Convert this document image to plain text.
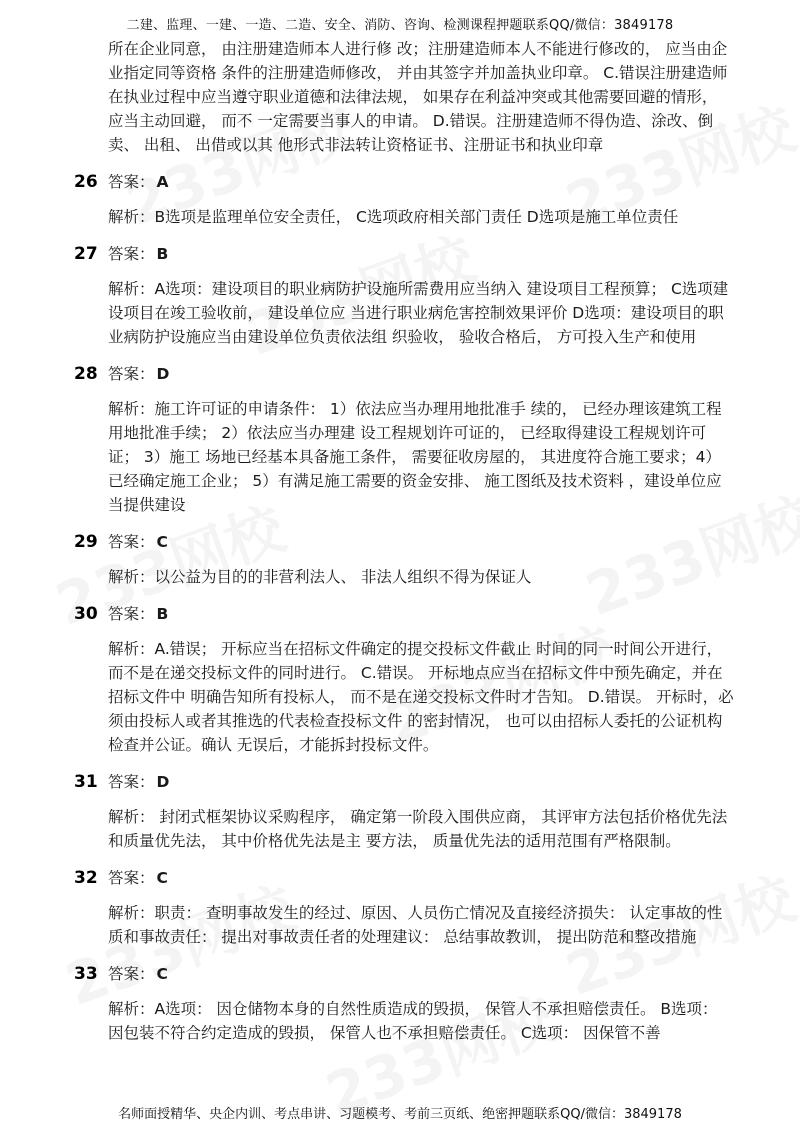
二建、监理、一建、一造、二造、安全、消防、咨询、检测课程押题联系QQ/微信：3849178

所在企业同意， 由注册建造师本人进行修 改；注册建造师本人不能进行修改的， 应当由企业指定同等资格 条件的注册建造师修改， 并由其签字并加盖执业印章。 C.错误注册建造师在执业过程中应当遵守职业道德和法律法规， 如果存在利益冲突或其他需要回避的情形， 应当主动回避， 而不 一定需要当事人的申请。 D.错误。注册建造师不得伪造、涂改、倒卖、 出租、 出借或以其 他形式非法转让资格证书、注册证书和执业印章

26 答案： A

解析：B选项是监理单位安全责任， C选项政府相关部门责任 D选项是施工单位责任

27 答案： B

解析：A选项：建设项目的职业病防护设施所需费用应当纳入 建设项目工程预算； C选项建设项目在竣工验收前， 建设单位应 当进行职业病危害控制效果评价 D选项：建设项目的职业病防护设施应当由建设单位负责依法组 织验收， 验收合格后， 方可投入生产和使用

28 答案： D

解析：施工许可证的申请条件： 1）依法应当办理用地批准手 续的， 已经办理该建筑工程用地批准手续； 2）依法应当办理建 设工程规划许可证的， 已经取得建设工程规划许可证； 3）施工 场地已经基本具备施工条件， 需要征收房屋的， 其进度符合施工要求；4） 已经确定施工企业； 5）有满足施工需要的资金安排、 施工图纸及技术资料 ，建设单位应当提供建设

29 答案： C

解析：以公益为目的的非营利法人、 非法人组织不得为保证人

30 答案： B

解析：A.错误； 开标应当在招标文件确定的提交投标文件截止 时间的同一时间公开进行， 而不是在递交投标文件的同时进行。 C.错误。 开标地点应当在招标文件中预先确定，并在招标文件中 明确告知所有投标人， 而不是在递交投标文件时才告知。 D.错误。 开标时，必须由投标人或者其推选的代表检查投标文件 的密封情况， 也可以由招标人委托的公证机构检查并公证。确认 无误后，才能拆封投标文件。

31 答案： D

解析： 封闭式框架协议采购程序， 确定第一阶段入围供应商， 其评审方法包括价格优先法和质量优先法， 其中价格优先法是主 要方法， 质量优先法的适用范围有严格限制。

32 答案： C

解析：职责： 查明事故发生的经过、原因、人员伤亡情况及直接经济损失： 认定事故的性质和事故责任： 提出对事故责任者的处理建议： 总结事故教训， 提出防范和整改措施

33 答案： C

解析：A选项： 因仓储物本身的自然性质造成的毁损， 保管人不承担赔偿责任。 B选项： 因包装不符合约定造成的毁损， 保管人也不承担赔偿责任。 C选项： 因保管不善

名师面授精华、央企内训、考点串讲、习题模考、考前三页纸、绝密押题联系QQ/微信：3849178
